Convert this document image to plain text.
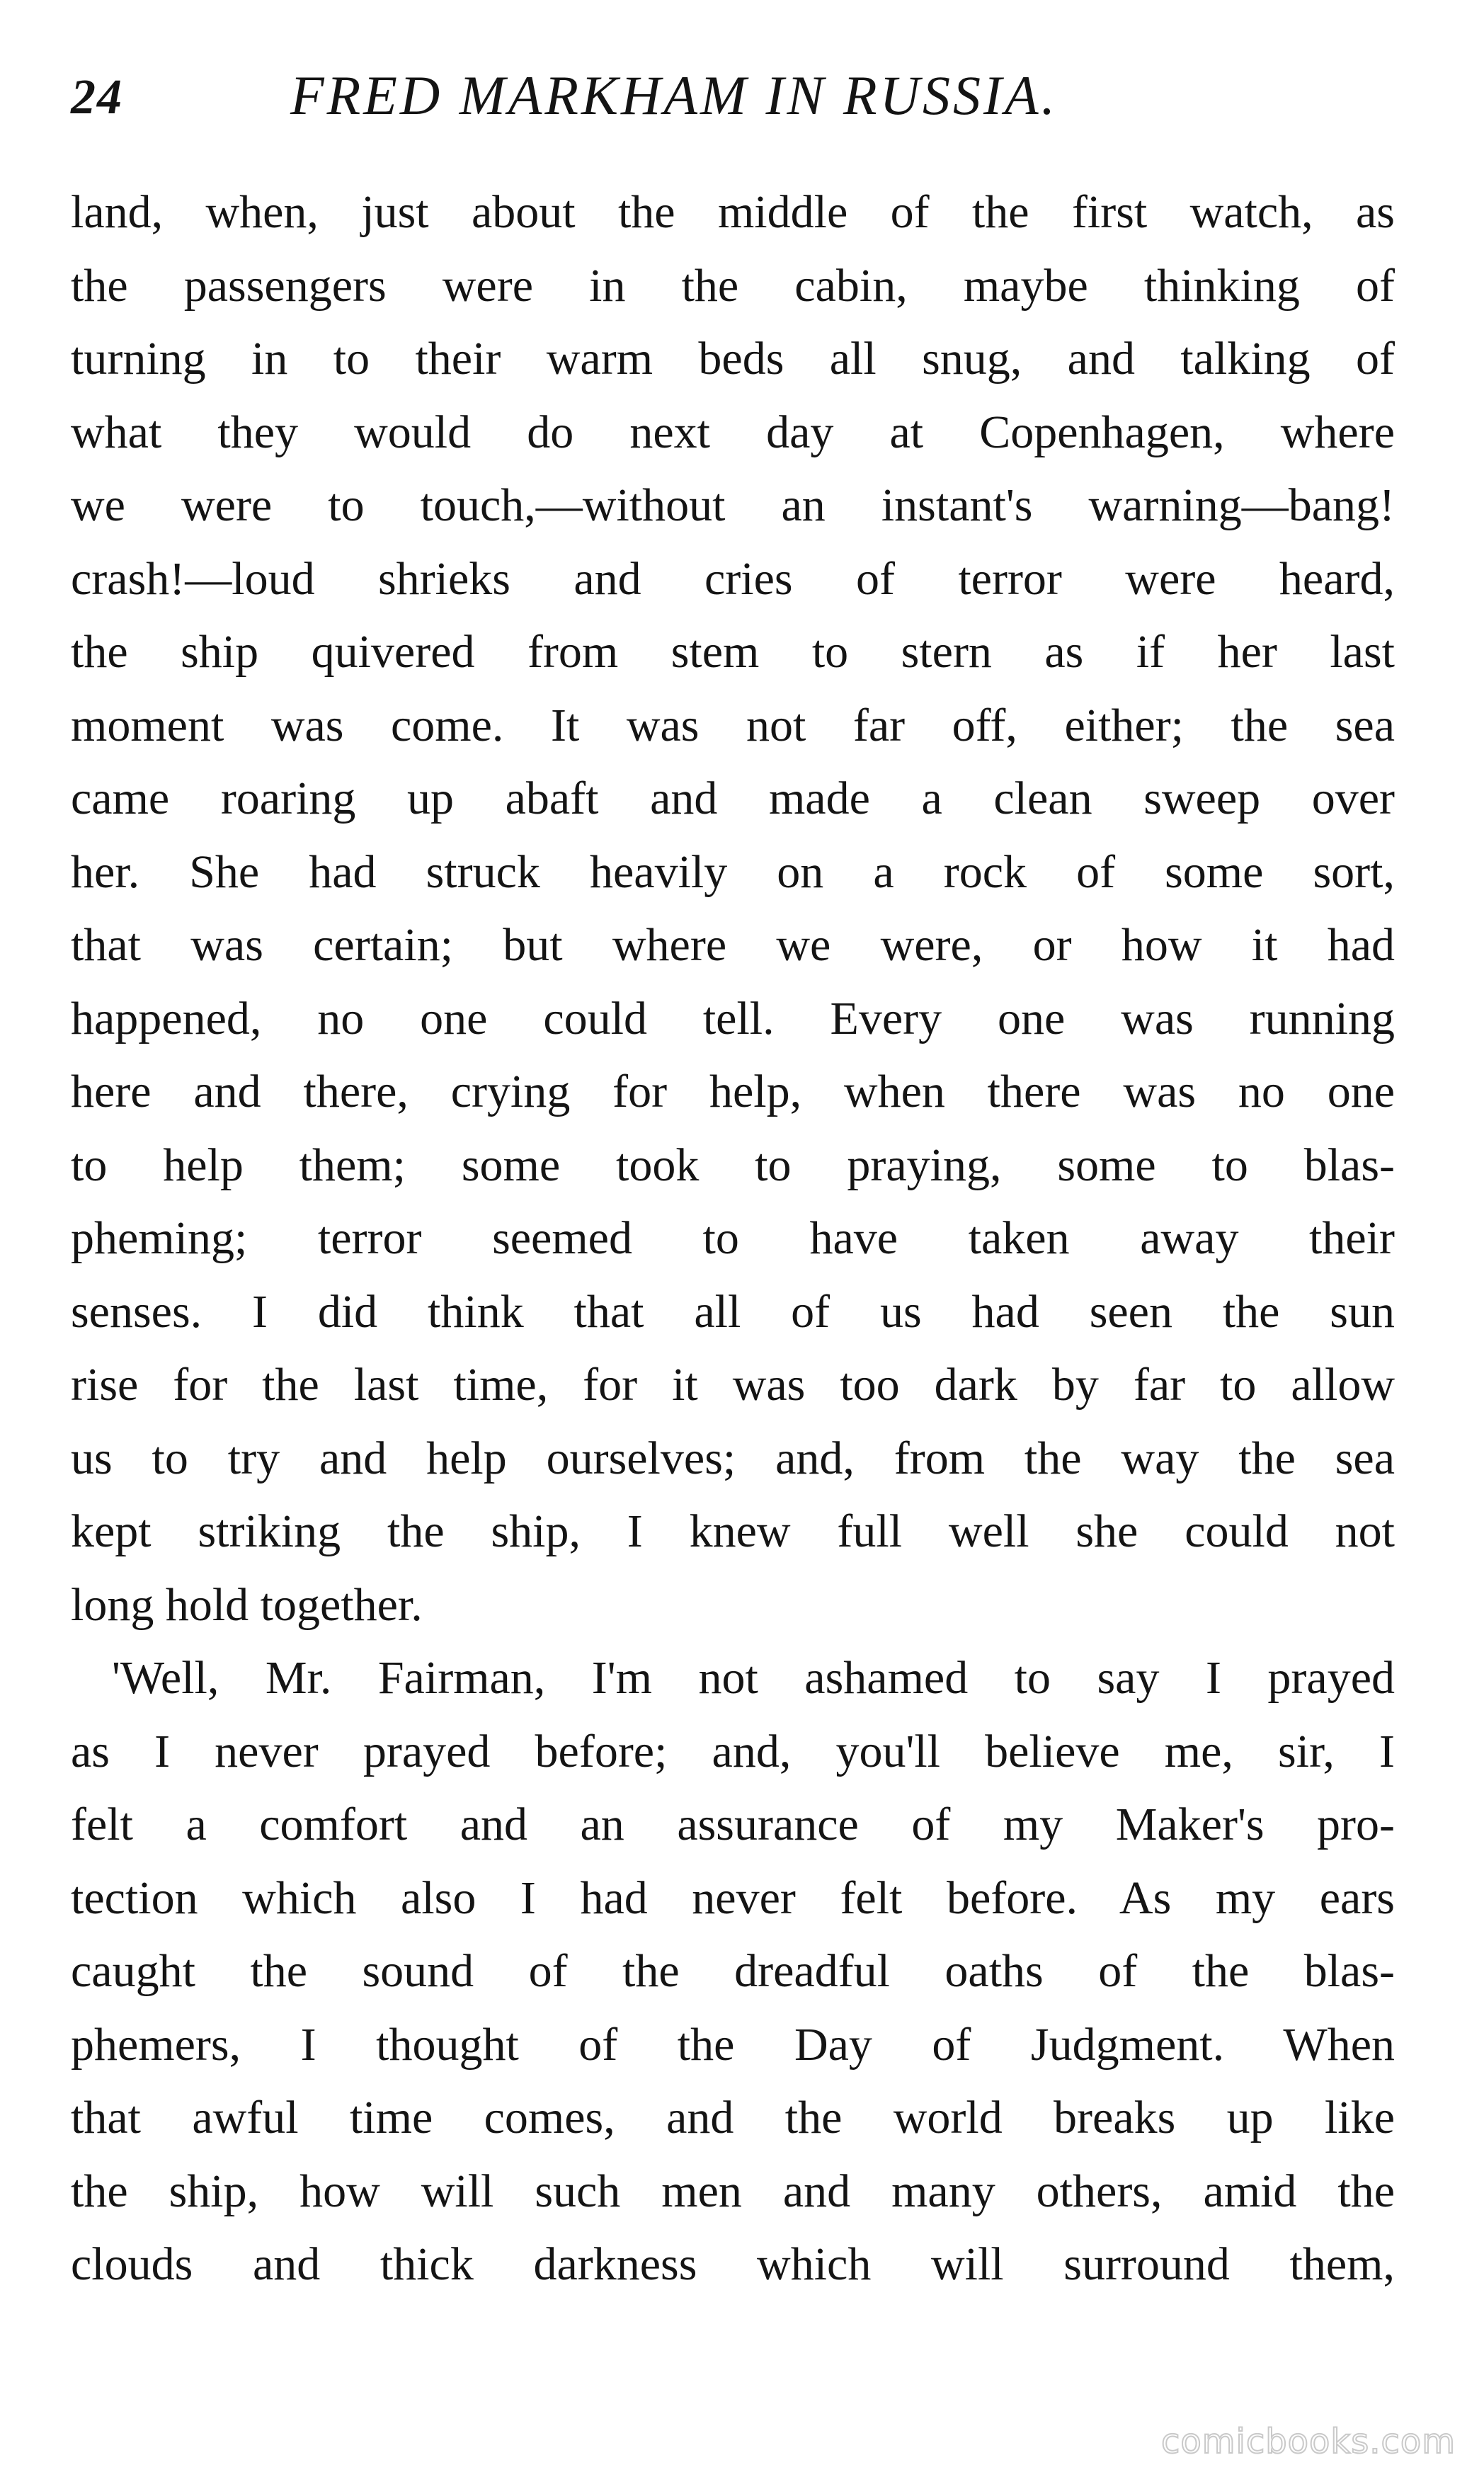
24	FRED MARKHAM IN RUSSIA.
land, when, just about the middle of the first watch, as
the passengers were in the cabin, maybe thinking of
turning in to their warm beds all snug, and talking of
what they would do next day at Copenhagen, where
we were to touch,—without an instant's warning—bang!
crash!—loud shrieks and cries of terror were heard,
the ship quivered from stem to stern as if her last
moment was come. It was not far off, either; the sea
came roaring up abaft and made a clean sweep over
her. She had struck heavily on a rock of some sort,
that was certain; but where we were, or how it had
happened, no one could tell. Every one was running
here and there, crying for help, when there was no one
to help them; some took to praying, some to blas-
pheming; terror seemed to have taken away their
senses. I did think that all of us had seen the sun
rise for the last time, for it was too dark by far to allow
us to try and help ourselves; and, from the way the sea
kept striking the ship, I knew full well she could not
long hold together.
'Well, Mr. Fairman, I'm not ashamed to say I prayed
as I never prayed before; and, you'll believe me, sir, I
felt a comfort and an assurance of my Maker's pro-
tection which also I had never felt before. As my ears
caught the sound of the dreadful oaths of the blas-
phemers, I thought of the Day of Judgment. When
that awful time comes, and the world breaks up like
the ship, how will such men and many others, amid the
clouds and thick darkness which will surround them,
comicbooks.com
